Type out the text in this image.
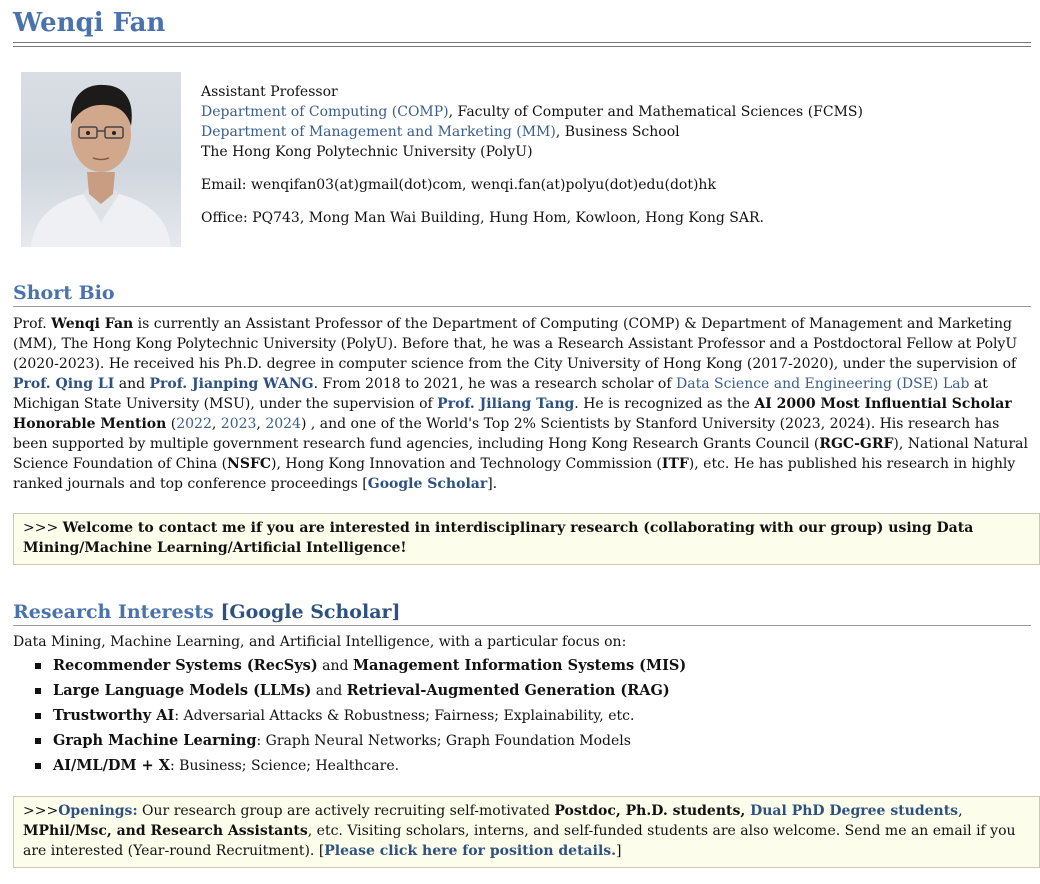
Wenqi Fan

Assistant Professor

Department of Computing (COMP), Faculty of Computer and Mathematical Sciences (FCMS)

Department of Management and Marketing (MM), Business School

The Hong Kong Polytechnic University (PolyU)

Email: wenqifan03(at)gmail(dot)com, wenqi.fan(at)polyu(dot)edu(dot)hk

Office: PQ743, Mong Man Wai Building, Hung Hom, Kowloon, Hong Kong SAR.

Short Bio

Prof. Wenqi Fan is currently an Assistant Professor of the Department of Computing (COMP) & Department of Management and Marketing (MM), The Hong Kong Polytechnic University (PolyU). Before that, he was a Research Assistant Professor and a Postdoctoral Fellow at PolyU (2020-2023). He received his Ph.D. degree in computer science from the City University of Hong Kong (2017-2020), under the supervision of Prof. Qing LI and Prof. Jianping WANG. From 2018 to 2021, he was a research scholar of Data Science and Engineering (DSE) Lab at Michigan State University (MSU), under the supervision of Prof. Jiliang Tang. He is recognized as the AI 2000 Most Influential Scholar Honorable Mention (2022, 2023, 2024) , and one of the World's Top 2% Scientists by Stanford University (2023, 2024). His research has been supported by multiple government research fund agencies, including Hong Kong Research Grants Council (RGC-GRF), National Natural Science Foundation of China (NSFC), Hong Kong Innovation and Technology Commission (ITF), etc. He has published his research in highly ranked journals and top conference proceedings [Google Scholar].

>>> Welcome to contact me if you are interested in interdisciplinary research (collaborating with our group) using Data Mining/Machine Learning/Artificial Intelligence!
Research Interests [Google Scholar]

Data Mining, Machine Learning, and Artificial Intelligence, with a particular focus on:

Recommender Systems (RecSys) and Management Information Systems (MIS)
Large Language Models (LLMs) and Retrieval-Augmented Generation (RAG)
Trustworthy AI: Adversarial Attacks & Robustness; Fairness; Explainability, etc.
Graph Machine Learning: Graph Neural Networks; Graph Foundation Models
AI/ML/DM + X: Business; Science; Healthcare.
>>>Openings: Our research group are actively recruiting self-motivated Postdoc, Ph.D. students, Dual PhD Degree students, MPhil/Msc, and Research Assistants, etc. Visiting scholars, interns, and self-funded students are also welcome. Send me an email if you are interested (Year-round Recruitment). [Please click here for position details.]
